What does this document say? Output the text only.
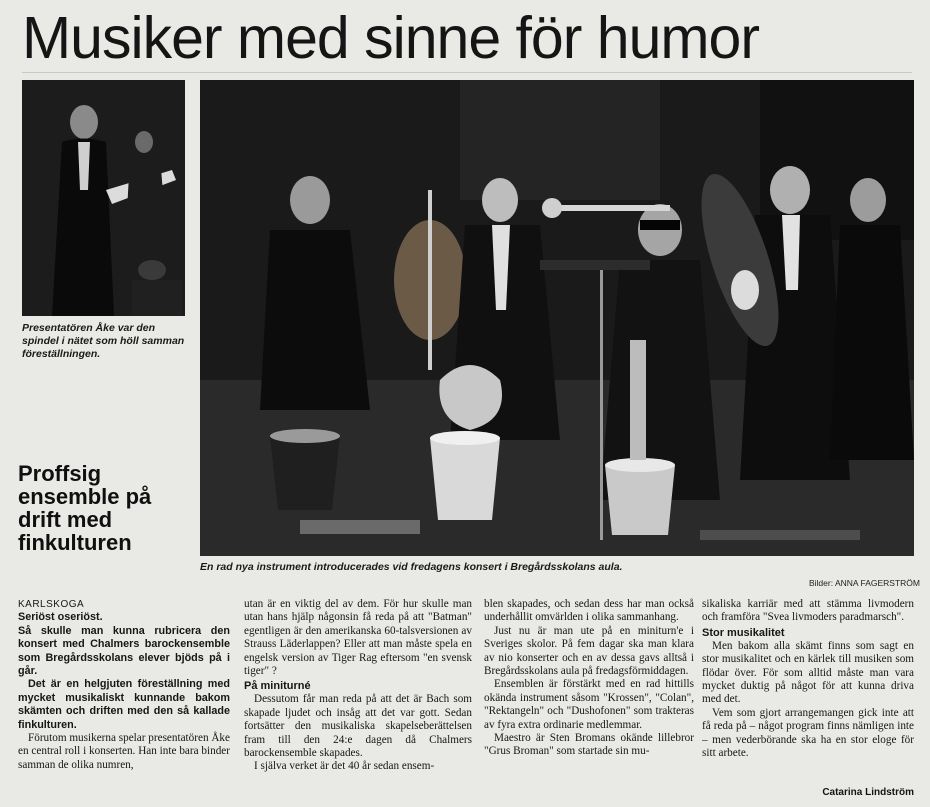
Musiker med sinne för humor
Presentatören Åke var den spindel i nätet som höll samman föreställningen.
En rad nya instrument introducerades vid fredagens konsert i Bregårdsskolans aula.
Bilder: ANNA FAGERSTRÖM
Proffsig ensemble på drift med finkulturen

KARLSKOGA

Seriöst oseriöst.

Så skulle man kunna rubricera den konsert med Chalmers barockensemble som Bregårdsskolans elever bjöds på i går.

Det är en helgjuten föreställning med mycket musikaliskt kunnande bakom skämten och driften med den så kallade finkulturen.

Förutom musikerna spelar presentatören Åke en central roll i konserten. Han inte bara binder samman de olika numren,

utan är en viktig del av dem. För hur skulle man utan hans hjälp någonsin få reda på att "Batman" egentligen är den amerikanska 60-talsversionen av Strauss Läderlappen? Eller att man måste spela en engelsk version av Tiger Rag eftersom "en svensk tiger" ?

På miniturné

Dessutom får man reda på att det är Bach som skapade ljudet och insåg att det var gott. Sedan fortsätter den musikaliska skapelseberättelsen fram till den 24:e dagen då Chalmers barockensemble skapades.

I själva verket är det 40 år sedan ensem-

blen skapades, och sedan dess har man också underhållit omvärlden i olika sammanhang.

Just nu är man ute på en miniturn'e i Sveriges skolor. På fem dagar ska man klara av nio konserter och en av dessa gavs alltså i Bregårdsskolans aula på fredagsförmiddagen.

Ensemblen är förstärkt med en rad hittills okända instrument såsom "Krossen", "Colan", "Rektangeln" och "Dushofonen" som trakteras av fyra extra ordinarie medlemmar.

Maestro är Sten Bromans okände lillebror "Grus Broman" som startade sin mu-

sikaliska karriär med att stämma livmodern och framföra "Svea livmoders paradmarsch".

Stor musikalitet

Men bakom alla skämt finns som sagt en stor musikalitet och en kärlek till musiken som flödar över. För som alltid måste man vara mycket duktig på något för att kunna driva med det.

Vem som gjort arrangemangen gick inte att få reda på – något program finns nämligen inte – men vederbörande ska ha en stor eloge för sitt arbete.

Catarina Lindström
